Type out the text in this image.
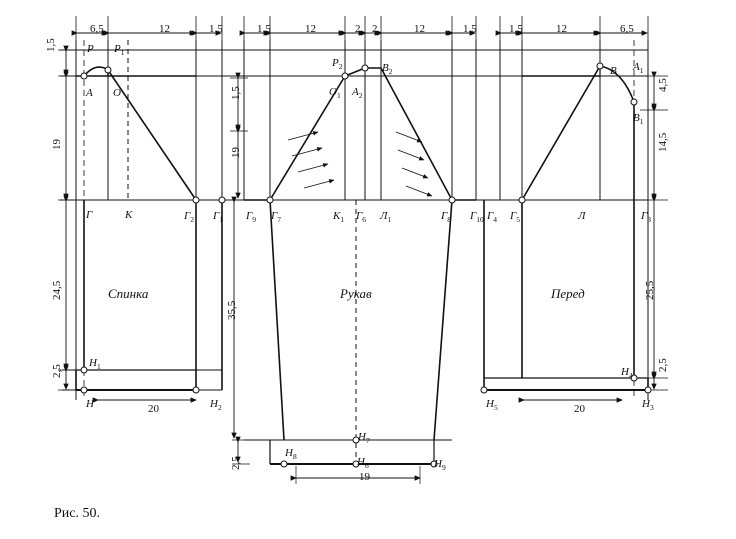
6,5	12	1,5	1,5	12	2 2	12	1,5	1,5	12	6,5
1,5
19
24,5
2,5
1,5
19
35,5
2,5
4,5
14,5
25,5
2,5
20
19
20
Р $Р_1$
А О
Г	К	$Г_2$ $Г_1$
$Н_1$
Н	$Н_2$
$Г_9$ $Г_7$
$О_1$ $А_2$
$Р_2$	$В_2$
$К_1$ $Г_6$ $Л_1$	$Г_8$ $Г_{10}$ $Г_5$
$Г_4$	Л	$Г_3$
В $А_1$
$В_1$
$Н_4$
$Н_5$	$Н_3$
$Н_7$
$Н_8$	$Н_6$	$Н_9$
Спинка	Рукав	Перед
Рис. 50.
